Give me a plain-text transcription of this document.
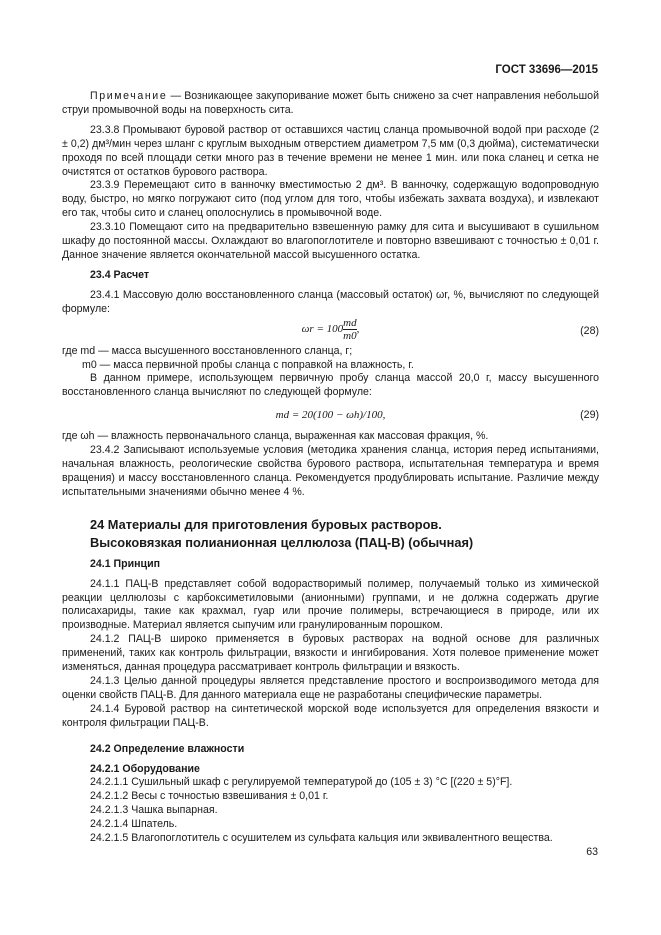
ГОСТ 33696—2015

Примечание — Возникающее закупоривание может быть снижено за счет направления небольшой струи промывочной воды на поверхность сита.

23.3.8 Промывают буровой раствор от оставшихся частиц сланца промывочной водой при расходе (2 ± 0,2) дм³/мин через шланг с круглым выходным отверстием диаметром 7,5 мм (0,3 дюйма), систематически проходя по всей площади сетки много раз в течение времени не менее 1 мин. или пока сланец и сетка не очистятся от остатков бурового раствора.

23.3.9 Перемещают сито в ванночку вместимостью 2 дм³. В ванночку, содержащую водопроводную воду, быстро, но мягко погружают сито (под углом для того, чтобы избежать захвата воздуха), и извлекают его так, чтобы сито и сланец ополоснулись в промывочной воде.

23.3.10 Помещают сито на предварительно взвешенную рамку для сита и высушивают в сушильном шкафу до постоянной массы. Охлаждают во влагопоглотителе и повторно взвешивают с точностью ± 0,01 г. Данное значение является окончательной массой высушенного остатка.

23.4 Расчет

23.4.1 Массовую долю восстановленного сланца (массовый остаток) ωr, %, вычисляют по следующей формуле:

$\omega r = 100 \frac{md}{m0}$ ,	(28)

где md — масса высушенного восстановленного сланца, г;

m0 — масса первичной пробы сланца с поправкой на влажность, г.

В данном примере, использующем первичную пробу сланца массой 20,0 г, массу высушенного восстановленного сланца вычисляют по следующей формуле:

md = 20(100 − ωh)/100,	(29)

где ωh — влажность первоначального сланца, выраженная как массовая фракция, %.

23.4.2 Записывают используемые условия (методика хранения сланца, история перед испытаниями, начальная влажность, реологические свойства бурового раствора, испытательная температура и время вращения) и массу восстановленного сланца. Рекомендуется продублировать испытание. Различие между испытательными значениями обычно менее 4 %.

24 Материалы для приготовления буровых растворов.

Высоковязкая полианионная целлюлоза (ПАЦ-В) (обычная)

24.1 Принцип

24.1.1 ПАЦ-В представляет собой водорастворимый полимер, получаемый только из химической реакции целлюлозы с карбоксиметиловыми (анионными) группами, и не должна содержать другие полисахариды, такие как крахмал, гуар или прочие полимеры, встречающиеся в природе, или их производные. Материал является сыпучим или гранулированным порошком.

24.1.2 ПАЦ-В широко применяется в буровых растворах на водной основе для различных применений, таких как контроль фильтрации, вязкости и ингибирования. Хотя полевое применение может изменяться, данная процедура рассматривает контроль фильтрации и вязкость.

24.1.3 Целью данной процедуры является представление простого и воспроизводимого метода для оценки свойств ПАЦ-В. Для данного материала еще не разработаны специфические параметры.

24.1.4 Буровой раствор на синтетической морской воде используется для определения вязкости и контроля фильтрации ПАЦ-В.

24.2 Определение влажности

24.2.1 Оборудование

24.2.1.1 Сушильный шкаф с регулируемой температурой до (105 ± 3) °С [(220 ± 5)°F].

24.2.1.2 Весы с точностью взвешивания ± 0,01 г.

24.2.1.3 Чашка выпарная.

24.2.1.4 Шпатель.

24.2.1.5 Влагопоглотитель с осушителем из сульфата кальция или эквивалентного вещества.

63
